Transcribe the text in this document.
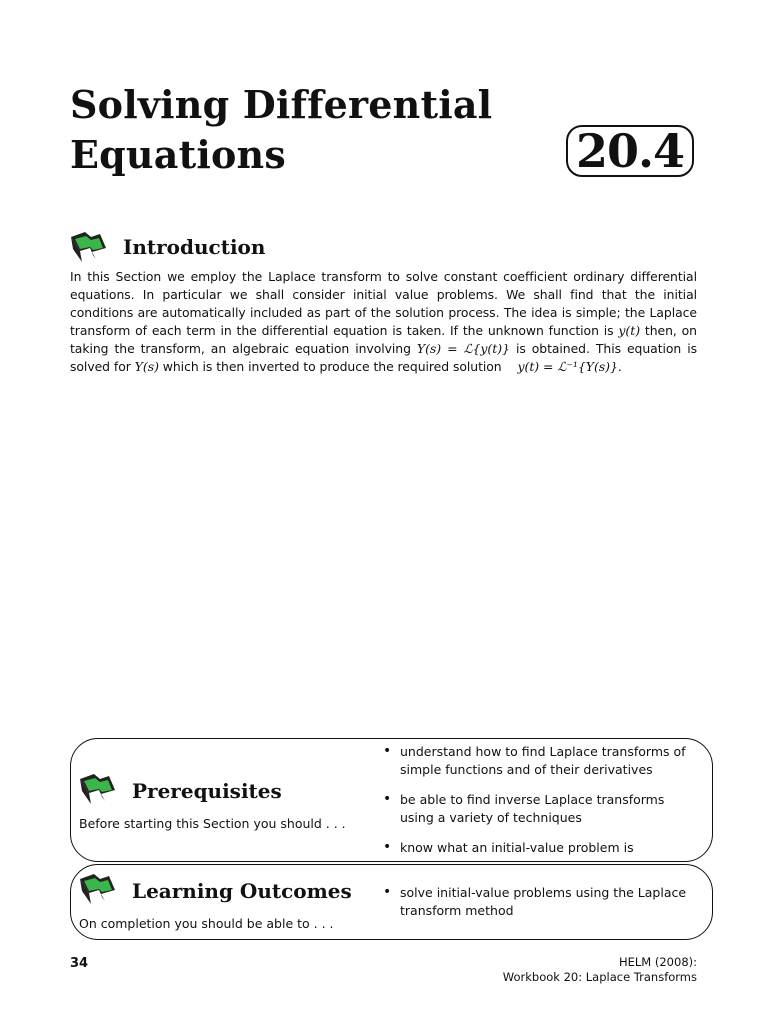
Solving Differential
Equations	20.4
Introduction

In this Section we employ the Laplace transform to solve constant coefficient ordinary differential equations. In particular we shall consider initial value problems. We shall find that the initial conditions are automatically included as part of the solution process. The idea is simple; the Laplace transform of each term in the differential equation is taken. If the unknown function is y(t) then, on taking the transform, an algebraic equation involving Y(s) = ℒ{y(t)} is obtained. This equation is solved for Y(s) which is then inverted to produce the required solution y(t) = ℒ⁻¹{Y(s)}.

Prerequisites

Before starting this Section you should . . .

• understand how to find Laplace transforms of simple functions and of their derivatives
• be able to find inverse Laplace transforms using a variety of techniques
• know what an initial-value problem is
Learning Outcomes

On completion you should be able to . . .

• solve initial-value problems using the Laplace transform method

34	HELM (2008):
Workbook 20: Laplace Transforms
